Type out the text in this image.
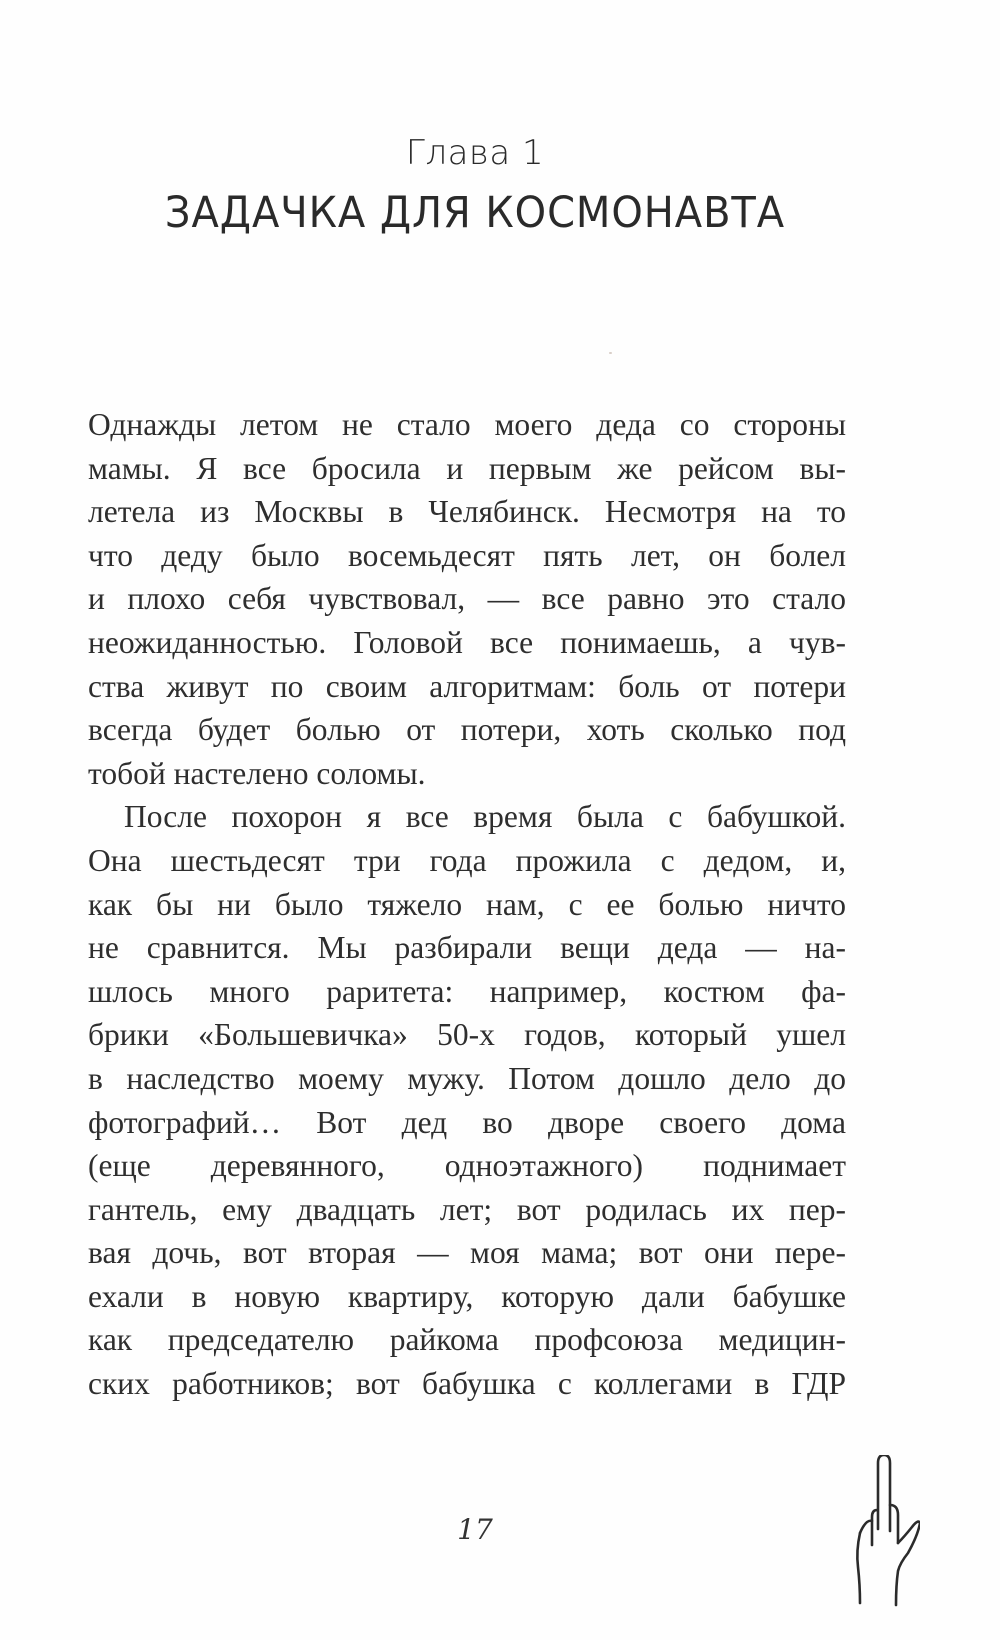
Глава 1
ЗАДАЧКА ДЛЯ КОСМОНАВТА
Однажды летом не стало моего деда со стороны
мамы. Я все бросила и первым же рейсом вы-
летела из Москвы в Челябинск. Несмотря на то
что деду было восемьдесят пять лет, он болел
и плохо себя чувствовал, — все равно это стало
неожиданностью. Головой все понимаешь, а чув-
ства живут по своим алгоритмам: боль от потери
всегда будет болью от потери, хоть сколько под
тобой настелено соломы.
После похорон я все время была с бабушкой.
Она шестьдесят три года прожила с дедом, и,
как бы ни было тяжело нам, с ее болью ничто
не сравнится. Мы разбирали вещи деда — на-
шлось много раритета: например, костюм фа-
брики «Большевичка» 50-х годов, который ушел
в наследство моему мужу. Потом дошло дело до
фотографий… Вот дед во дворе своего дома
(еще деревянного, одноэтажного) поднимает
гантель, ему двадцать лет; вот родилась их пер-
вая дочь, вот вторая — моя мама; вот они пере-
ехали в новую квартиру, которую дали бабушке
как председателю райкома профсоюза медицин-
ских работников; вот бабушка с коллегами в ГДР
17
